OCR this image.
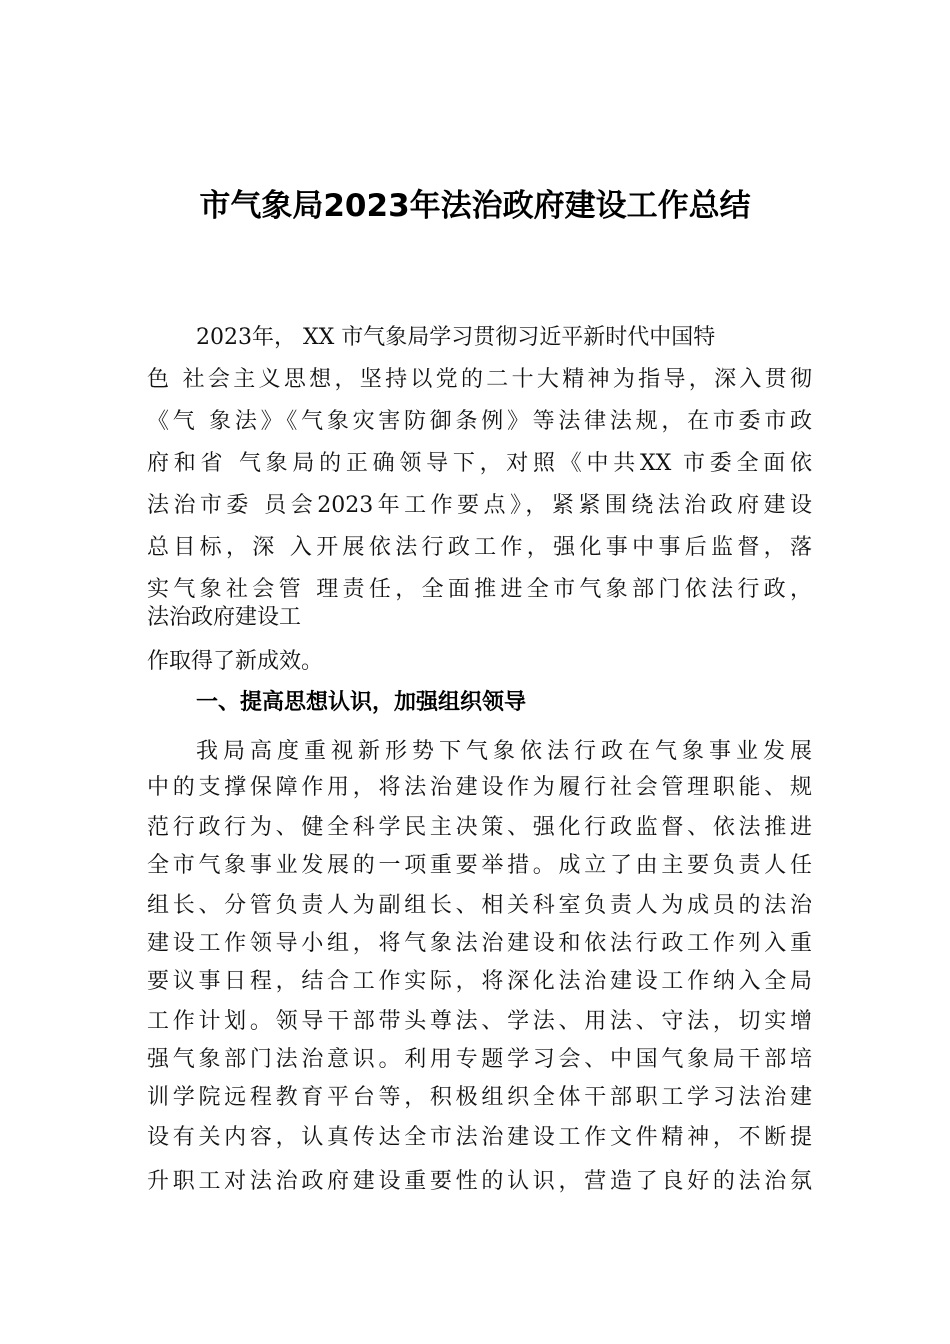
市气象局2023年法治政府建设工作总结
2023年， XX 市气象局学习贯彻习近平新时代中国特
色 社会主义思想，坚持以党的二十大精神为指导，深入贯彻
《气 象法》《气象灾害防御条例》等法律法规，在市委市政
府和省 气象局的正确领导下，对照《中共XX 市委全面依
法治市委 员会2023年工作要点》，紧紧围绕法治政府建设
总目标，深 入开展依法行政工作，强化事中事后监督，落
实气象社会管 理责任，全面推进全市气象部门依法行政，
法治政府建设工
作取得了新成效。
一、提高思想认识，加强组织领导
我局高度重视新形势下气象依法行政在气象事业发展
中的支撑保障作用，将法治建设作为履行社会管理职能、规
范行政行为、健全科学民主决策、强化行政监督、依法推进
全市气象事业发展的一项重要举措。成立了由主要负责人任
组长、分管负责人为副组长、相关科室负责人为成员的法治
建设工作领导小组，将气象法治建设和依法行政工作列入重
要议事日程，结合工作实际，将深化法治建设工作纳入全局
工作计划。领导干部带头尊法、学法、用法、守法，切实增
强气象部门法治意识。利用专题学习会、中国气象局干部培
训学院远程教育平台等，积极组织全体干部职工学习法治建
设有关内容，认真传达全市法治建设工作文件精神，不断提
升职工对法治政府建设重要性的认识，营造了良好的法治氛
